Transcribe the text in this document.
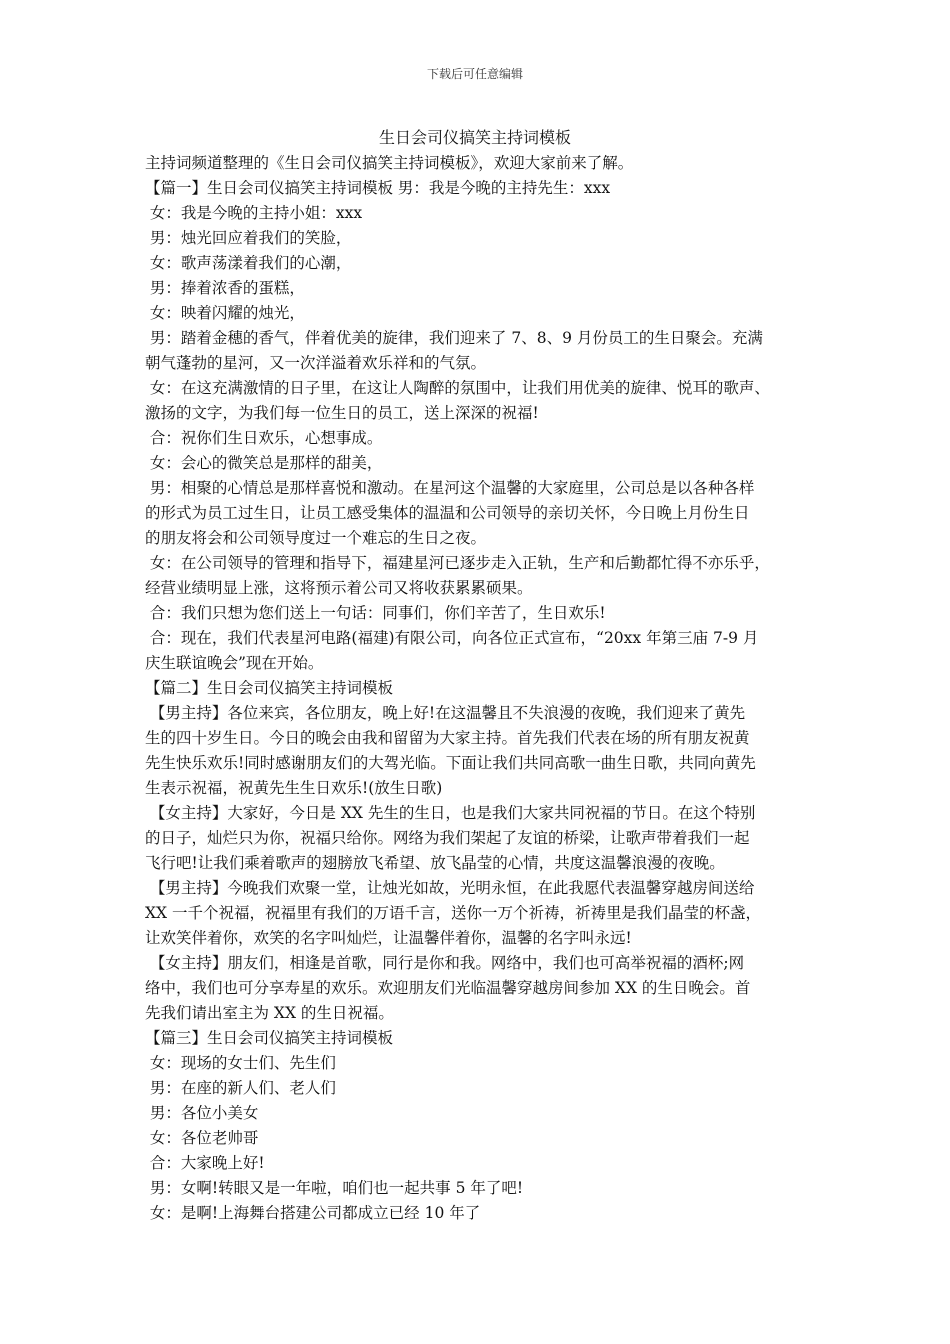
下载后可任意编辑
生日会司仪搞笑主持词模板
主持词频道整理的《生日会司仪搞笑主持词模板》，欢迎大家前来了解。
【篇一】生日会司仪搞笑主持词模板 男：我是今晚的主持先生：xxx
女：我是今晚的主持小姐：xxx
男：烛光回应着我们的笑脸，
女：歌声荡漾着我们的心潮，
男：捧着浓香的蛋糕，
女：映着闪耀的烛光，
男：踏着金穗的香气，伴着优美的旋律，我们迎来了 7、8、9 月份员工的生日聚会。充满
朝气蓬勃的星河，又一次洋溢着欢乐祥和的气氛。
女：在这充满激情的日子里，在这让人陶醉的氛围中，让我们用优美的旋律、悦耳的歌声、
激扬的文字，为我们每一位生日的员工，送上深深的祝福!
合：祝你们生日欢乐，心想事成。
女：会心的微笑总是那样的甜美，
男：相聚的心情总是那样喜悦和激动。在星河这个温馨的大家庭里，公司总是以各种各样
的形式为员工过生日，让员工感受集体的温温和公司领导的亲切关怀，今日晚上月份生日
的朋友将会和公司领导度过一个难忘的生日之夜。
女：在公司领导的管理和指导下，福建星河已逐步走入正轨，生产和后勤都忙得不亦乐乎，
经营业绩明显上涨，这将预示着公司又将收获累累硕果。
合：我们只想为您们送上一句话：同事们，你们辛苦了，生日欢乐!
合：现在，我们代表星河电路(福建)有限公司，向各位正式宣布，“20xx 年第三庙 7-9 月
庆生联谊晚会”现在开始。
【篇二】生日会司仪搞笑主持词模板
【男主持】各位来宾，各位朋友，晚上好!在这温馨且不失浪漫的夜晚，我们迎来了黄先
生的四十岁生日。今日的晚会由我和留留为大家主持。首先我们代表在场的所有朋友祝黄
先生快乐欢乐!同时感谢朋友们的大驾光临。下面让我们共同高歌一曲生日歌，共同向黄先
生表示祝福，祝黄先生生日欢乐!(放生日歌)
【女主持】大家好，今日是 XX 先生的生日，也是我们大家共同祝福的节日。在这个特别
的日子，灿烂只为你，祝福只给你。网络为我们架起了友谊的桥梁，让歌声带着我们一起
飞行吧!让我们乘着歌声的翅膀放飞希望、放飞晶莹的心情，共度这温馨浪漫的夜晚。
【男主持】今晚我们欢聚一堂，让烛光如故，光明永恒，在此我愿代表温馨穿越房间送给
XX 一千个祝福，祝福里有我们的万语千言，送你一万个祈祷，祈祷里是我们晶莹的杯盏，
让欢笑伴着你，欢笑的名字叫灿烂，让温馨伴着你，温馨的名字叫永远!
【女主持】朋友们，相逢是首歌，同行是你和我。网络中，我们也可高举祝福的酒杯;网
络中，我们也可分享寿星的欢乐。欢迎朋友们光临温馨穿越房间参加 XX 的生日晚会。首
先我们请出室主为 XX 的生日祝福。
【篇三】生日会司仪搞笑主持词模板
女：现场的女士们、先生们
男：在座的新人们、老人们
男：各位小美女
女：各位老帅哥
合：大家晚上好!
男：女啊!转眼又是一年啦，咱们也一起共事 5 年了吧!
女：是啊!上海舞台搭建公司都成立已经 10 年了
